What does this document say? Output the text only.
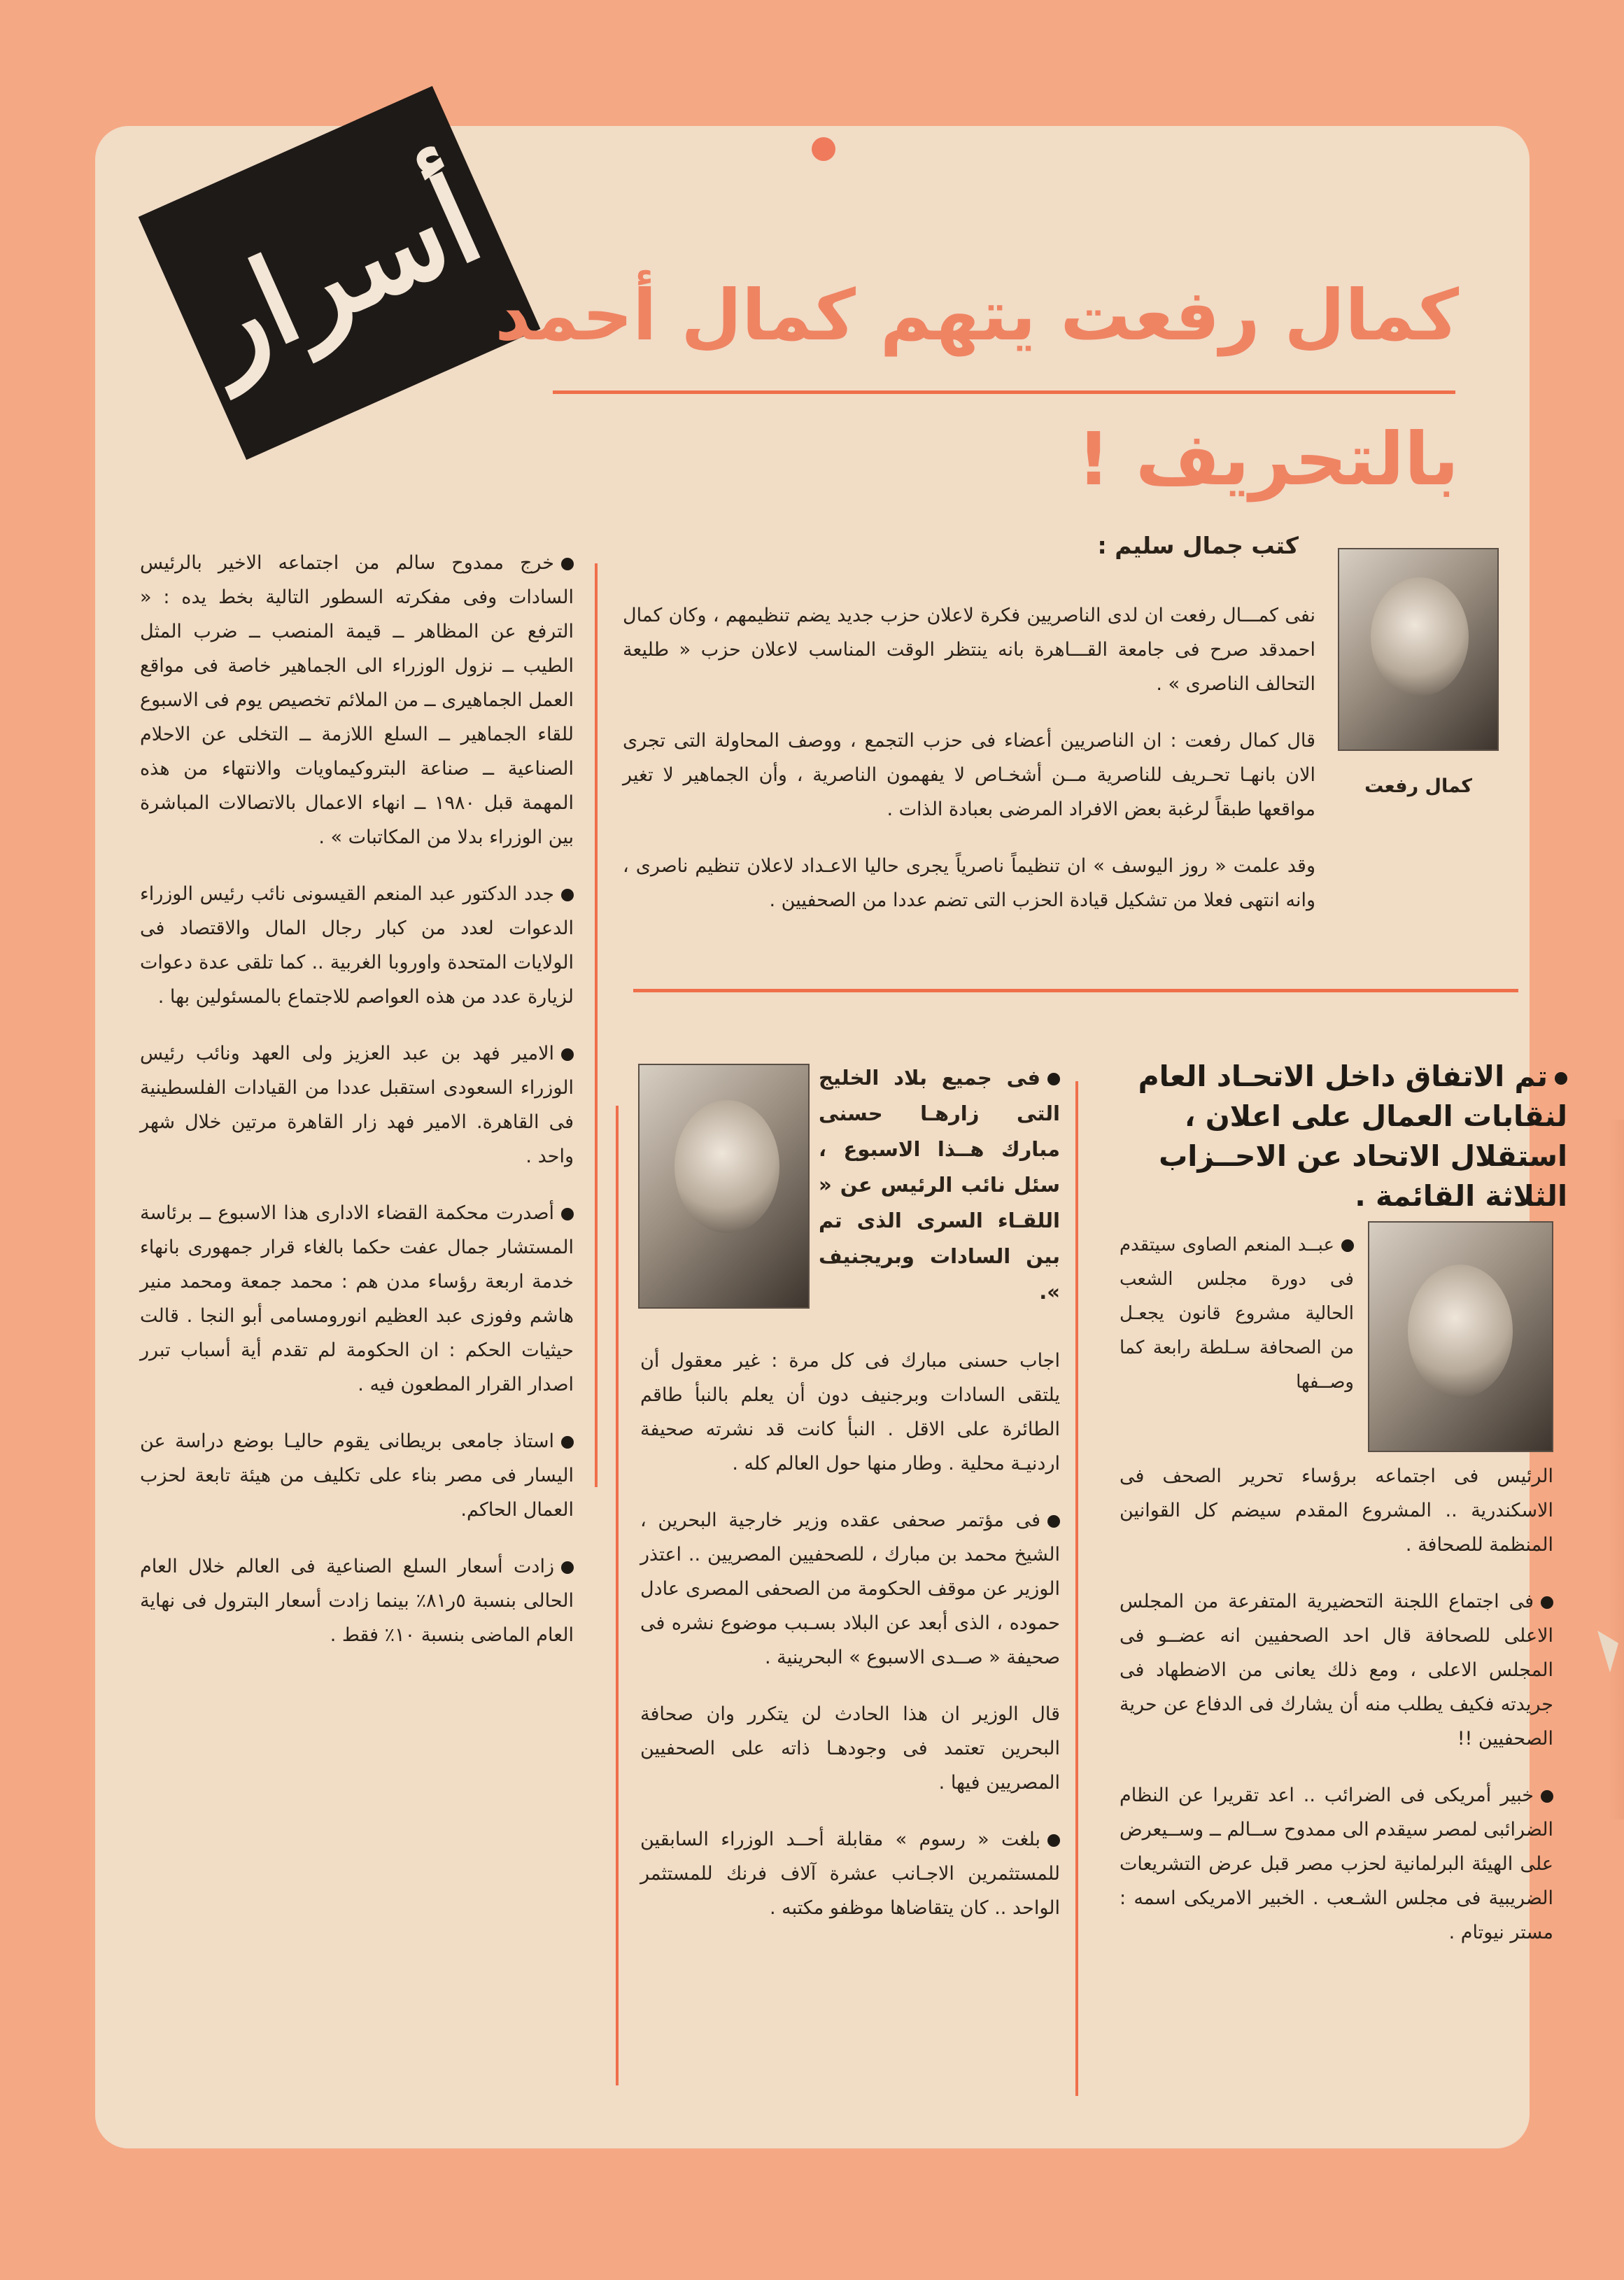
أسرار
كمال رفعت يتهم كمال أحمد
بالتحريف !
كمال رفعت
كتب جمال سليم :

نفى كمـــال رفعت ان لدى الناصريين فكرة لاعلان حزب جديد يضم تنظيمهم ، وكان كمال احمدقد صرح فى جامعة القـــاهرة بانه ينتظر الوقت المناسب لاعلان حزب « طليعة التحالف الناصرى » .

قال كمال رفعت : ان الناصريين أعضاء فى حزب التجمع ، ووصف المحاولة التى تجرى الان بانهـا تحـريف للناصرية مــن أشخـاص لا يفهمون الناصرية ، وأن الجماهير لا تغير مواقعها طبقاً لرغبة بعض الافراد المرضى بعبادة الذات .

وقد علمت « روز اليوسف » ان تنظيماً ناصرياً يجرى حاليا الاعـداد لاعلان تنظيم ناصرى ، وانه انتهى فعلا من تشكيل قيادة الحزب التى تضم عددا من الصحفيين .

خرج ممدوح سالم من اجتماعه الاخير بالرئيس السادات وفى مفكرته السطور التالية بخط يده : « الترفع عن المظاهر ــ قيمة المنصب ــ ضرب المثل الطيب ــ نزول الوزراء الى الجماهير خاصة فى مواقع العمل الجماهيرى ــ من الملائم تخصيص يوم فى الاسبوع للقاء الجماهير ــ السلع اللازمة ــ التخلى عن الاحلام الصناعية ــ صناعة البتروكيماويات والانتهاء من هذه المهمة قبل ١٩٨٠ ــ انهاء الاعمال بالاتصالات المباشرة بين الوزراء بدلا من المكاتبات » .

جدد الدكتور عبد المنعم القيسونى نائب رئيس الوزراء الدعوات لعدد من كبار رجال المال والاقتصاد فى الولايات المتحدة واوروبا الغربية .. كما تلقى عدة دعوات لزيارة عدد من هذه العواصم للاجتماع بالمسئولين بها .

الامير فهد بن عبد العزيز ولى العهد ونائب رئيس الوزراء السعودى استقبل عددا من القيادات الفلسطينية فى القاهرة. الامير فهد زار القاهرة مرتين خلال شهر واحد .

أصدرت محكمة القضاء الادارى هذا الاسبوع ــ برئاسة المستشار جمال عفت حكما بالغاء قرار جمهورى بانهاء خدمة اربعة رؤساء مدن هم : محمد جمعة ومحمد منير هاشم وفوزى عبد العظيم انورومسامى أبو النجا . قالت حيثيات الحكم : ان الحكومة لم تقدم أية أسباب تبرر اصدار القرار المطعون فيه .

استاذ جامعى بريطانى يقوم حاليـا بوضع دراسة عن اليسار فى مصر بناء على تكليف من هيئة تابعة لحزب العمال الحاكم.

زادت أسعار السلع الصناعية فى العالم خلال العام الحالى بنسبة ٥ر٨١٪ بينما زادت أسعار البترول فى نهاية العام الماضى بنسبة ١٠٪ فقط .

فى جميع بلاد الخليج التى زارهـا حسنى مبارك هــذا الاسبوع ، سئل نائب الرئيس عن « اللقـاء السرى الذى تم بين السادات وبريجنيف ».

اجاب حسنى مبارك فى كل مرة : غير معقول أن يلتقى السادات وبرجنيف دون أن يعلم بالنبأ طاقم الطائرة على الاقل . النبأ كانت قد نشرته صحيفة اردنيـة محلية . وطار منها حول العالم كله .

فى مؤتمر صحفى عقده وزير خارجية البحرين ، الشيخ محمد بن مبارك ، للصحفيين المصريين .. اعتذر الوزير عن موقف الحكومة من الصحفى المصرى عادل حموده ، الذى أبعد عن البلاد بسـبب موضوع نشره فى صحيفة « صــدى الاسبوع » البحرينية .

قال الوزير ان هذا الحادث لن يتكرر وان صحافة البحرين تعتمد فى وجودهـا ذاته على الصحفيين المصريين فيها .

بلغت « رسوم » مقابلة أحــد الوزراء السابقين للمستثمرين الاجـانب عشرة آلاف فرنك للمستثمر الواحد .. كان يتقاضاها موظفو مكتبه .

تم الاتفاق داخل الاتحـاد العام لنقابات العمال على اعلان ، استقلال الاتحاد عن الاحــزاب الثلاثة القائمة .
عبــد المنعم الصاوى سيتقدم فى دورة مجلس الشعب الحالية مشروع قانون يجعـل من الصحافة سـلطة رابعة كما وصــفها

الرئيس فى اجتماعه برؤساء تحرير الصحف فى الاسكندرية .. المشروع المقدم سيضم كل القوانين المنظمة للصحافة .

فى اجتماع اللجنة التحضيرية المتفرعة من المجلس الاعلى للصحافة قال احد الصحفيين انه عضــو فى المجلس الاعلى ، ومع ذلك يعانى من الاضطهاد فى جريدته فكيف يطلب منه أن يشارك فى الدفاع عن حرية الصحفيين !!

خبير أمريكى فى الضرائب .. اعد تقريرا عن النظام الضرائبى لمصر سيقدم الى ممدوح ســالم ــ وســيعرض على الهيئة البرلمانية لحزب مصر قبل عرض التشريعات الضريبية فى مجلس الشـعب . الخبير الامريكى اسمه : مستر نيوتام .
